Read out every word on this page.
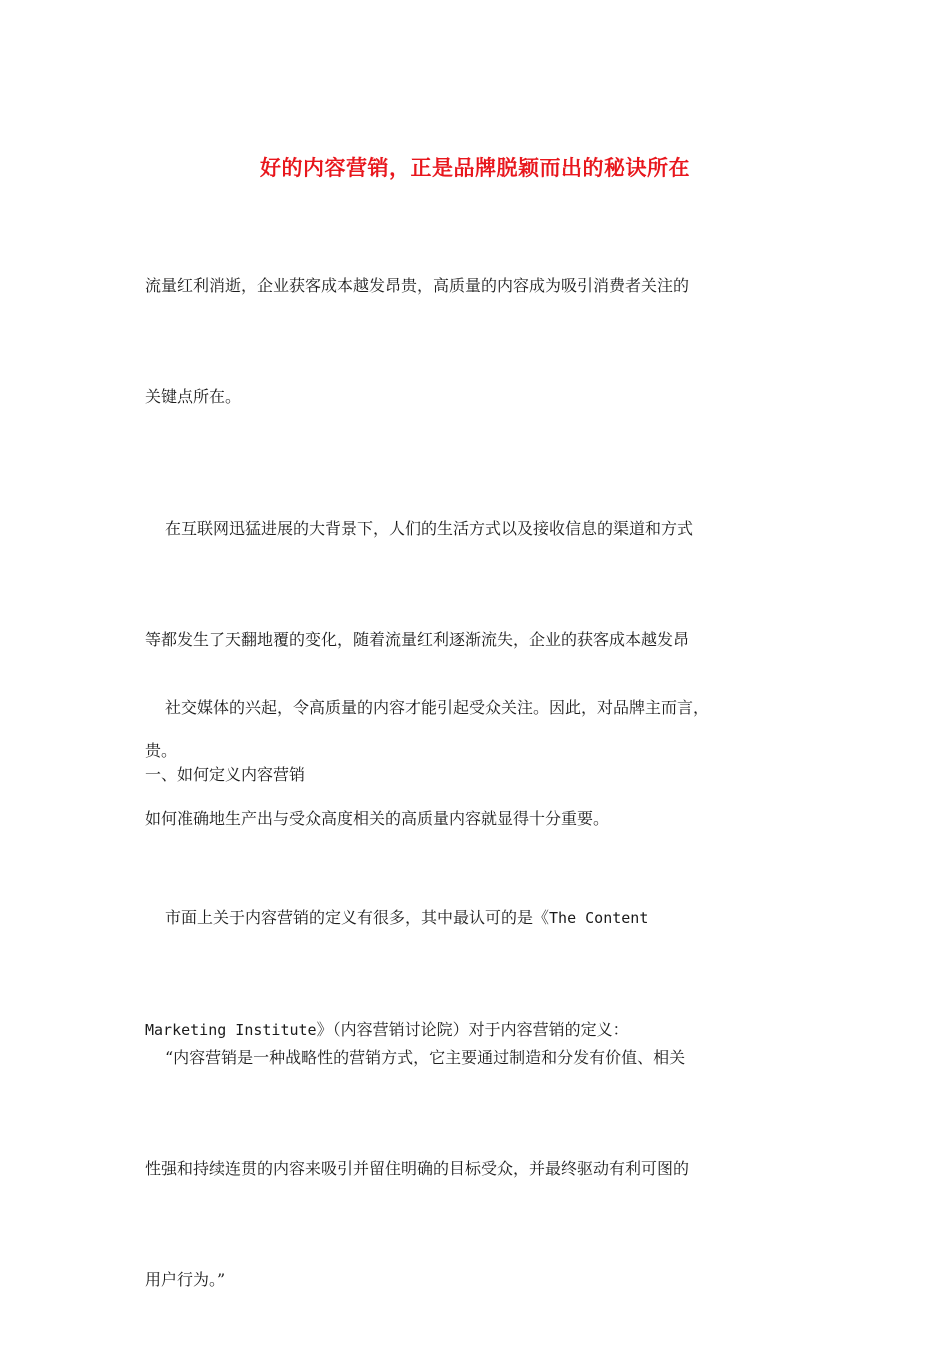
好的内容营销，正是品牌脱颖而出的秘诀所在

流量红利消逝，企业获客成本越发昂贵，高质量的内容成为吸引消费者关注的

关键点所在。

在互联网迅猛进展的大背景下，人们的生活方式以及接收信息的渠道和方式

等都发生了天翻地覆的变化，随着流量红利逐渐流失，企业的获客成本越发昂

贵。

社交媒体的兴起，令高质量的内容才能引起受众关注。因此，对品牌主而言，

如何准确地生产出与受众高度相关的高质量内容就显得十分重要。

一、如何定义内容营销

市面上关于内容营销的定义有很多，其中最认可的是《The Content

Marketing Institute》（内容营销讨论院）对于内容营销的定义：

“内容营销是一种战略性的营销方式，它主要通过制造和分发有价值、相关

性强和持续连贯的内容来吸引并留住明确的目标受众，并最终驱动有利可图的

用户行为。”
